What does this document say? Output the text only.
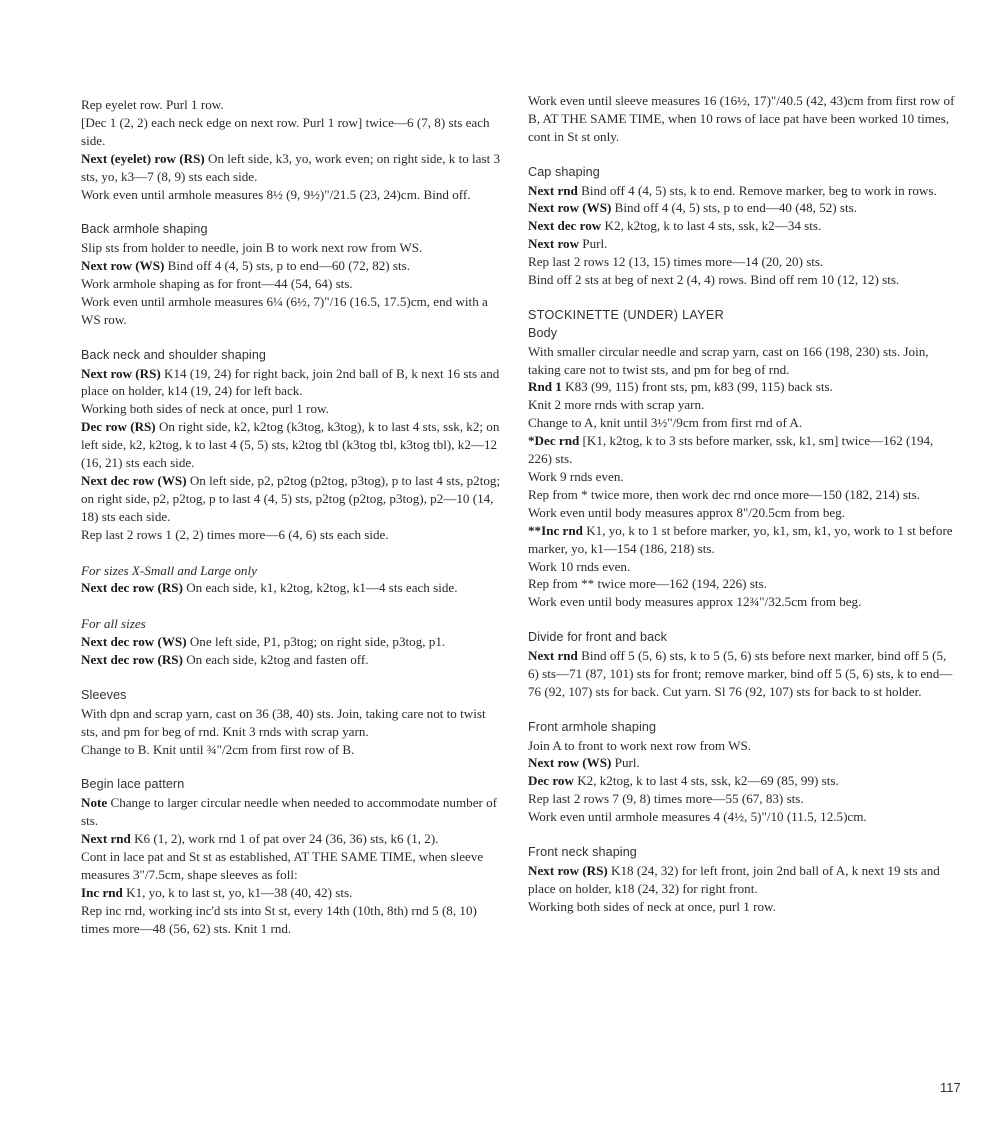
Rep eyelet row. Purl 1 row.

[Dec 1 (2, 2) each neck edge on next row. Purl 1 row] twice—6 (7, 8) sts each side.

Next (eyelet) row (RS) On left side, k3, yo, work even; on right side, k to last 3 sts, yo, k3—7 (8, 9) sts each side.

Work even until armhole measures 8½ (9, 9½)"/21.5 (23, 24)cm. Bind off.

Back armhole shaping

Slip sts from holder to needle, join B to work next row from WS.

Next row (WS) Bind off 4 (4, 5) sts, p to end—60 (72, 82) sts.

Work armhole shaping as for front—44 (54, 64) sts.

Work even until armhole measures 6¼ (6½, 7)"/16 (16.5, 17.5)cm, end with a WS row.

Back neck and shoulder shaping

Next row (RS) K14 (19, 24) for right back, join 2nd ball of B, k next 16 sts and place on holder, k14 (19, 24) for left back.

Working both sides of neck at once, purl 1 row.

Dec row (RS) On right side, k2, k2tog (k3tog, k3tog), k to last 4 sts, ssk, k2; on left side, k2, k2tog, k to last 4 (5, 5) sts, k2tog tbl (k3tog tbl, k3tog tbl), k2—12 (16, 21) sts each side.

Next dec row (WS) On left side, p2, p2tog (p2tog, p3tog), p to last 4 sts, p2tog; on right side, p2, p2tog, p to last 4 (4, 5) sts, p2tog (p2tog, p3tog), p2—10 (14, 18) sts each side.

Rep last 2 rows 1 (2, 2) times more—6 (4, 6) sts each side.

For sizes X-Small and Large only

Next dec row (RS) On each side, k1, k2tog, k2tog, k1—4 sts each side.

For all sizes

Next dec row (WS) One left side, P1, p3tog; on right side, p3tog, p1.

Next dec row (RS) On each side, k2tog and fasten off.

Sleeves

With dpn and scrap yarn, cast on 36 (38, 40) sts. Join, taking care not to twist sts, and pm for beg of rnd. Knit 3 rnds with scrap yarn.

Change to B. Knit until ¾"/2cm from first row of B.

Begin lace pattern

Note Change to larger circular needle when needed to accommodate number of sts.

Next rnd K6 (1, 2), work rnd 1 of pat over 24 (36, 36) sts, k6 (1, 2).

Cont in lace pat and St st as established, AT THE SAME TIME, when sleeve measures 3"/7.5cm, shape sleeves as foll:

Inc rnd K1, yo, k to last st, yo, k1—38 (40, 42) sts.

Rep inc rnd, working inc'd sts into St st, every 14th (10th, 8th) rnd 5 (8, 10) times more—48 (56, 62) sts. Knit 1 rnd.

Work even until sleeve measures 16 (16½, 17)"/40.5 (42, 43)cm from first row of B, AT THE SAME TIME, when 10 rows of lace pat have been worked 10 times, cont in St st only.

Cap shaping

Next rnd Bind off 4 (4, 5) sts, k to end. Remove marker, beg to work in rows.

Next row (WS) Bind off 4 (4, 5) sts, p to end—40 (48, 52) sts.

Next dec row K2, k2tog, k to last 4 sts, ssk, k2—34 sts.

Next row Purl.

Rep last 2 rows 12 (13, 15) times more—14 (20, 20) sts.

Bind off 2 sts at beg of next 2 (4, 4) rows. Bind off rem 10 (12, 12) sts.

STOCKINETTE (UNDER) LAYER

Body

With smaller circular needle and scrap yarn, cast on 166 (198, 230) sts. Join, taking care not to twist sts, and pm for beg of rnd.

Rnd 1 K83 (99, 115) front sts, pm, k83 (99, 115) back sts.

Knit 2 more rnds with scrap yarn.

Change to A, knit until 3½"/9cm from first rnd of A.

*Dec rnd [K1, k2tog, k to 3 sts before marker, ssk, k1, sm] twice—162 (194, 226) sts.

Work 9 rnds even.

Rep from * twice more, then work dec rnd once more—150 (182, 214) sts.

Work even until body measures approx 8"/20.5cm from beg.

**Inc rnd K1, yo, k to 1 st before marker, yo, k1, sm, k1, yo, work to 1 st before marker, yo, k1—154 (186, 218) sts.

Work 10 rnds even.

Rep from ** twice more—162 (194, 226) sts.

Work even until body measures approx 12¾"/32.5cm from beg.

Divide for front and back

Next rnd Bind off 5 (5, 6) sts, k to 5 (5, 6) sts before next marker, bind off 5 (5, 6) sts—71 (87, 101) sts for front; remove marker, bind off 5 (5, 6) sts, k to end—76 (92, 107) sts for back. Cut yarn. Sl 76 (92, 107) sts for back to st holder.

Front armhole shaping

Join A to front to work next row from WS.

Next row (WS) Purl.

Dec row K2, k2tog, k to last 4 sts, ssk, k2—69 (85, 99) sts.

Rep last 2 rows 7 (9, 8) times more—55 (67, 83) sts.

Work even until armhole measures 4 (4½, 5)"/10 (11.5, 12.5)cm.

Front neck shaping

Next row (RS) K18 (24, 32) for left front, join 2nd ball of A, k next 19 sts and place on holder, k18 (24, 32) for right front.

Working both sides of neck at once, purl 1 row.

117
